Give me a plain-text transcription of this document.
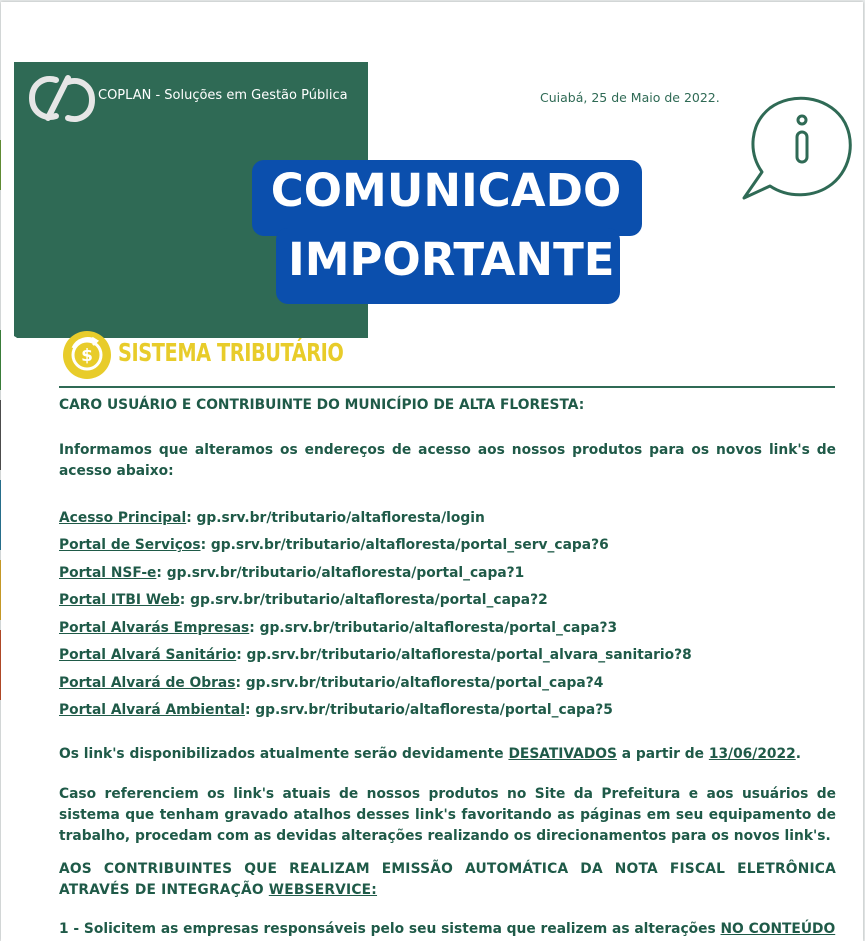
COPLAN - Soluções em Gestão Pública	Cuiabá, 25 de Maio de 2022.
COMUNICADO
IMPORTANTE
$ SISTEMA TRIBUTÁRIO
CARO USUÁRIO E CONTRIBUINTE DO MUNICÍPIO DE ALTA FLORESTA:
Informamos que alteramos os endereços de acesso aos nossos produtos para os novos link's de acesso abaixo:
Acesso Principal: gp.srv.br/tributario/altafloresta/login
Portal de Serviços: gp.srv.br/tributario/altafloresta/portal_serv_capa?6
Portal NSF-e: gp.srv.br/tributario/altafloresta/portal_capa?1
Portal ITBI Web: gp.srv.br/tributario/altafloresta/portal_capa?2
Portal Alvarás Empresas: gp.srv.br/tributario/altafloresta/portal_capa?3
Portal Alvará Sanitário: gp.srv.br/tributario/altafloresta/portal_alvara_sanitario?8
Portal Alvará de Obras: gp.srv.br/tributario/altafloresta/portal_capa?4
Portal Alvará Ambiental: gp.srv.br/tributario/altafloresta/portal_capa?5
Os link's disponibilizados atualmente serão devidamente DESATIVADOS a partir de 13/06/2022.
Caso referenciem os link's atuais de nossos produtos no Site da Prefeitura e aos usuários de sistema que tenham gravado atalhos desses link's favoritando as páginas em seu equipamento de trabalho, procedam com as devidas alterações realizando os direcionamentos para os novos link's.
AOS CONTRIBUINTES QUE REALIZAM EMISSÃO AUTOMÁTICA DA NOTA FISCAL ELETRÔNICA ATRAVÉS DE INTEGRAÇÃO WEBSERVICE:
1 - Solicitem as empresas responsáveis pelo seu sistema que realizem as alterações NO CONTEÚDO
